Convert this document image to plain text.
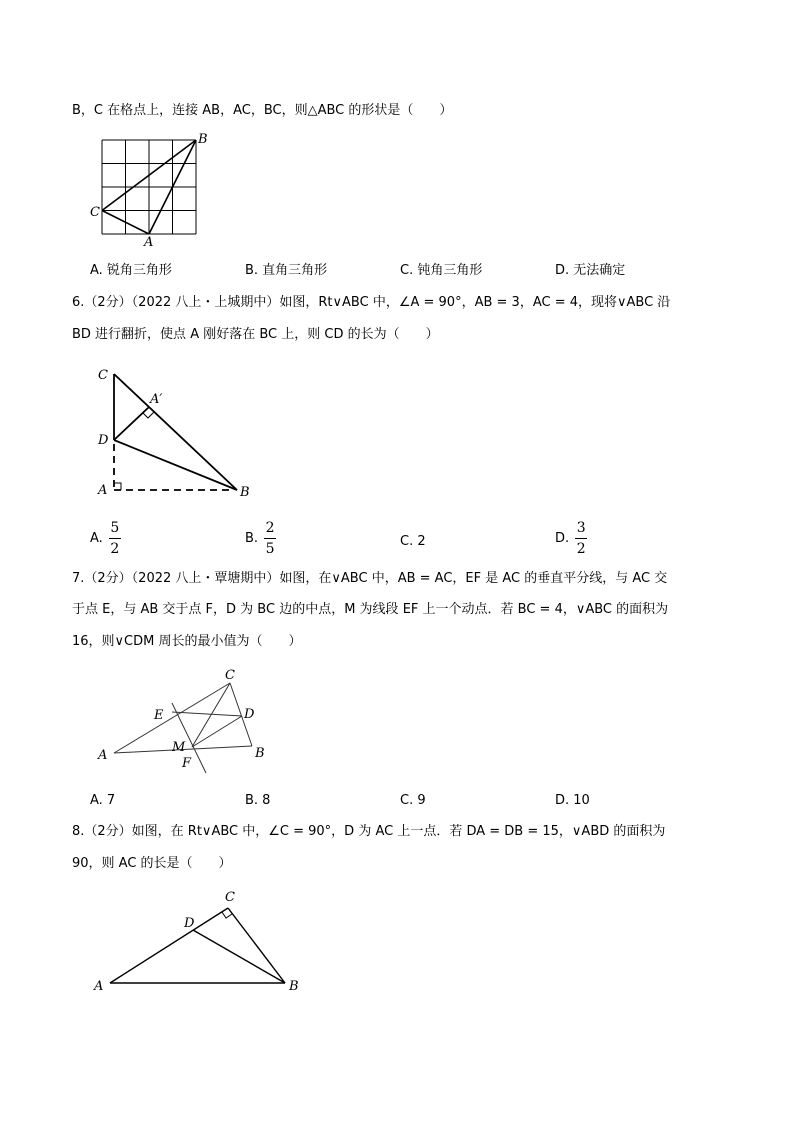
B，C 在格点上，连接 AB，AC，BC，则△ABC 的形状是（　　）
B
C
A
A. 锐角三角形	B. 直角三角形	C. 钝角三角形	D. 无法确定
6.（2分）（2022 八上・上城期中）如图，Rt∨ABC 中，∠A = 90°，AB = 3，AC = 4，现将∨ABC 沿
BD 进行翻折，使点 A 刚好落在 BC 上，则 CD 的长为（　　）
C
A′
D
A	B
A. $\frac{5}{2}$	B. $\frac{2}{5}$	C. 2	D. $\frac{3}{2}$
7.（2分）（2022 八上・覃塘期中）如图，在∨ABC 中，AB = AC，EF 是 AC 的垂直平分线，与 AC 交
于点 E，与 AB 交于点 F，D 为 BC 边的中点，M 为线段 EF 上一个动点．若 BC = 4，∨ABC 的面积为
16，则∨CDM 周长的最小值为（　　）
C
E	D
M
A
F
B
A. 7	B. 8	C. 9	D. 10
8.（2分）如图，在 Rt∨ABC 中，∠C = 90°，D 为 AC 上一点．若 DA = DB = 15，∨ABD 的面积为
90，则 AC 的长是（　　）
C
D
A	B
